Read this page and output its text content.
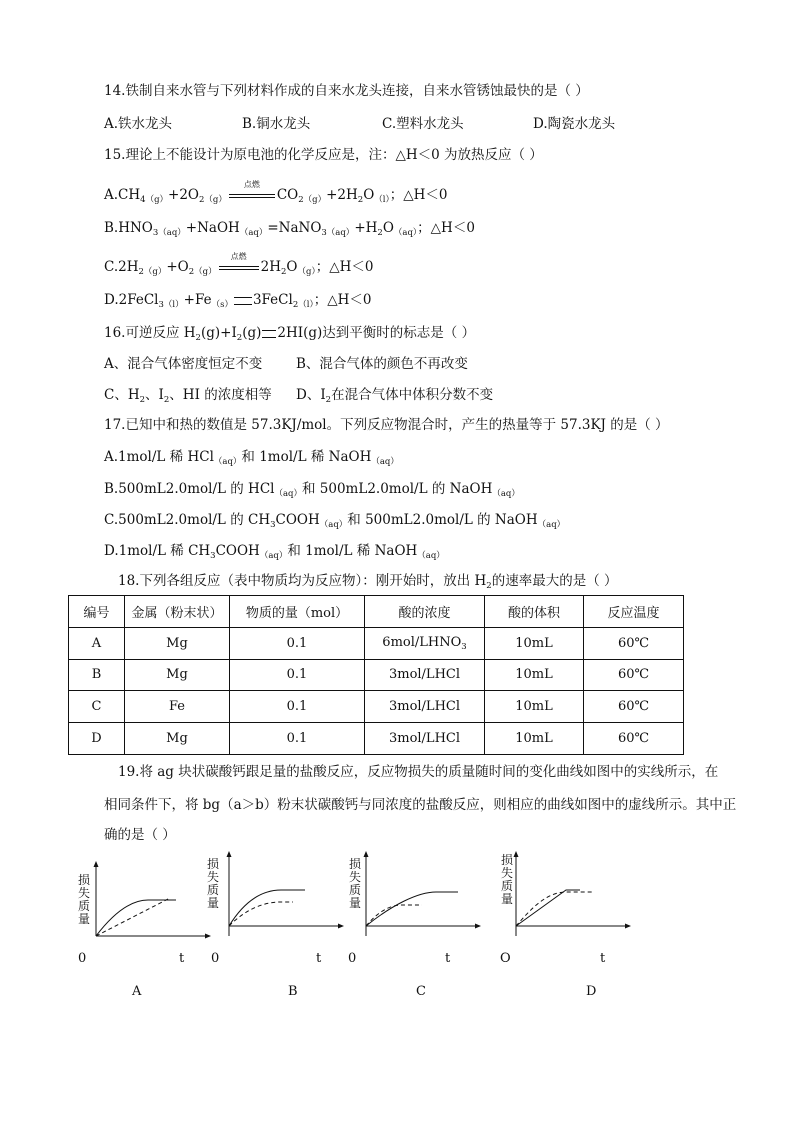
14.铁制自来水管与下列材料作成的自来水龙头连接，自来水管锈蚀最快的是（ ）
A.铁水龙头	B.铜水龙头	C.塑料水龙头	D.陶瓷水龙头
15.理论上不能设计为原电池的化学反应是，注：△H＜0 为放热反应（ ）
$A.CH_{4(g)}+2O_{2(g)}$
点燃
$CO_{2(g)}+2H_2O_{(l)}$；△H＜0
$B.HNO_{3(aq)}+NaOH_{(aq)}=NaNO_{3(aq)}+H_2O_{(aq)}$；△H＜0
$C.2H_{2(g)}+O_{2(g)}$
点燃
$2H_2O_{(g)}$；△H＜0
$D.2FeCl_{3(l)}+Fe_{(s)}$ 3FeCl$_{2(l)}$；△H＜0
16.可逆反应 $H_2(g)+I_2(g)$ 2HI(g)达到平衡时的标志是（ ）
A、混合气体密度恒定不变	B、混合气体的颜色不再改变
C、$H_2$、$I_2$、HI 的浓度相等 D、$I_2$在混合气体中体积分数不变
17.已知中和热的数值是 57.3KJ/mol。下列反应物混合时，产生的热量等于 57.3KJ 的是（ ）
A.1mol/L 稀 HCl$_{(aq)}$和 1mol/L 稀 NaOH$_{(aq)}$
B.500mL2.0mol/L 的 HCl$_{(aq)}$和 500mL2.0mol/L 的 NaOH$_{(aq)}$
C.500mL2.0mol/L 的 $CH_3COOH_{(aq)}$和 500mL2.0mol/L 的 NaOH$_{(aq)}$
D.1mol/L 稀 $CH_3COOH_{(aq)}$和 1mol/L 稀 NaOH$_{(aq)}$
18.下列各组反应（表中物质均为反应物）：刚开始时，放出 $H_2$的速率最大的是（ ）
编号	金属（粉末状）	物质的量（mol）	酸的浓度	酸的体积	反应温度
A	Mg	0.1	$6mol/LHNO_3$	10mL	60℃
B	Mg	0.1	3mol/LHCl	10mL	60℃
C	Fe	0.1	3mol/LHCl	10mL	60℃
D	Mg	0.1	3mol/LHCl	10mL	60℃
19.将 ag 块状碳酸钙跟足量的盐酸反应，反应物损失的质量随时间的变化曲线如图中的实线所示，在
相同条件下，将 bg（a＞b）粉末状碳酸钙与同浓度的盐酸反应，则相应的曲线如图中的虚线所示。其中正
确的是（ ）
损失质量
0	t
A
损失质量
0	t
B
损失质量
0	t
C
损失质量
O	t
D
